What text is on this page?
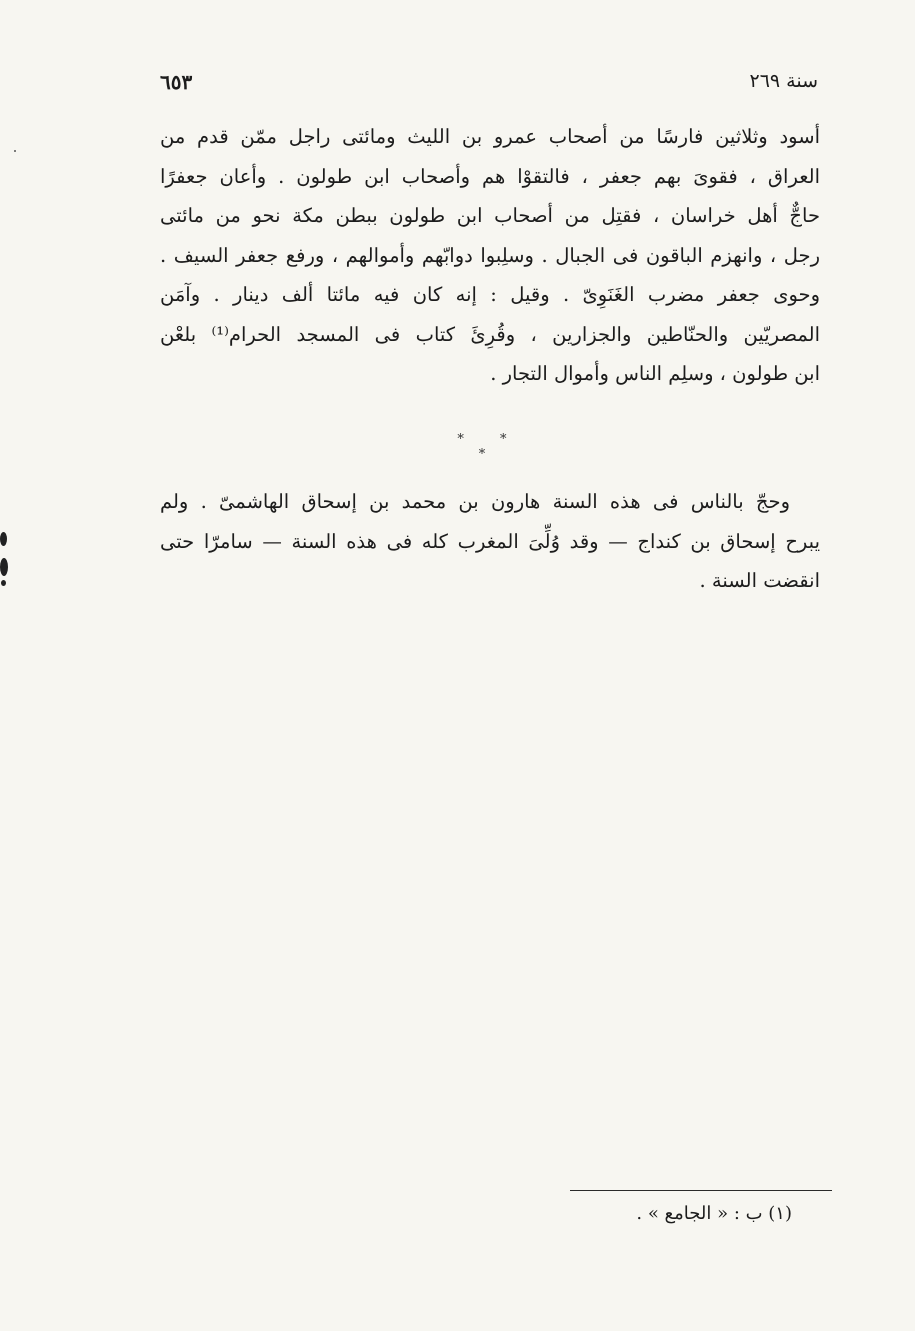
سنة ٢٦٩
٦٥٣
أسود وثلاثين فارسًا من أصحاب عمرو بن الليث ومائتى راجل ممّن قدم من
العراق ، فقوىَ بهم جعفر ، فالتقوْا هم وأصحاب ابن طولون . وأعان جعفرًا
حاجٌّ أهل خراسان ، فقتِل من أصحاب ابن طولون ببطن مكة نحو من مائتى
رجل ، وانهزم الباقون فى الجبال . وسلِبوا دوابّهم وأموالهم ، ورفع جعفر السيف .
وحوى جعفر مضرب الغَنَوِىّ . وقيل : إنه كان فيه مائتا ألف دينار . وآمَن
المصريّين والحنّاطين والجزارين ، وقُرِئَ كتاب فى المسجد الحرام⁽¹⁾ بلعْن
ابن طولون ، وسلِم الناس وأموال التجار .
* * *
وحجّ بالناس فى هذه السنة هارون بن محمد بن إسحاق الهاشمىّ . ولم
يبرح إسحاق بن كنداج — وقد وُلِّىَ المغرب كله فى هذه السنة — سامرّا حتى
انقضت السنة .
(١) ب : « الجامع » .
